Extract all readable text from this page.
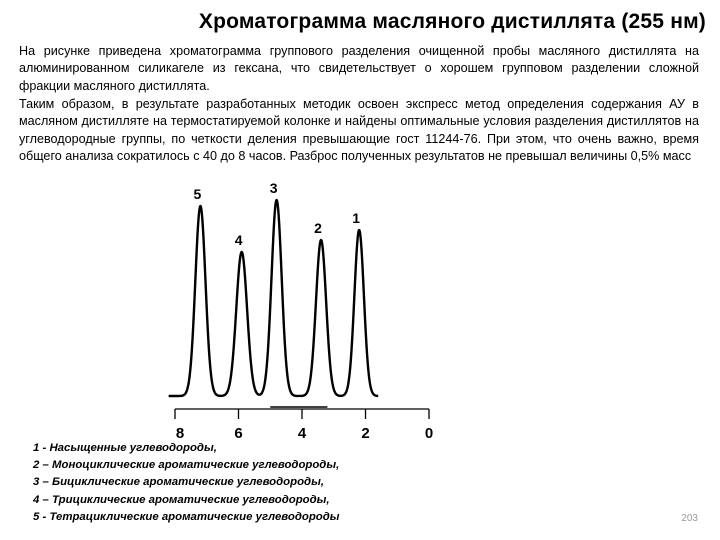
Хроматограмма масляного дистиллята (255 нм)

На рисунке приведена хроматограмма группового разделения очищенной пробы масляного дистиллята на алюминированном силикагеле из гексана, что свидетельствует о хорошем групповом разделении сложной фракции масляного дистиллята.

Таким образом, в результате разработанных методик освоен экспресс метод определения содержания АУ в масляном дистилляте на термостатируемой колонке и найдены оптимальные условия разделения дистиллятов на углеводородные группы, по четкости деления превышающие гост 11244-76. При этом, что очень важно, время общего анализа сократилось с 40 до 8 часов. Разброс полученных результатов не превышал величины 0,5% масс

8	6	4	2	0
5
4
3
2
1
1 - Насыщенные углеводороды,
2 – Моноциклические ароматические углеводороды,
3 – Бициклические ароматические углеводороды,
4 – Трициклические ароматические углеводороды,
5 - Тетрациклические ароматические углеводороды	203
